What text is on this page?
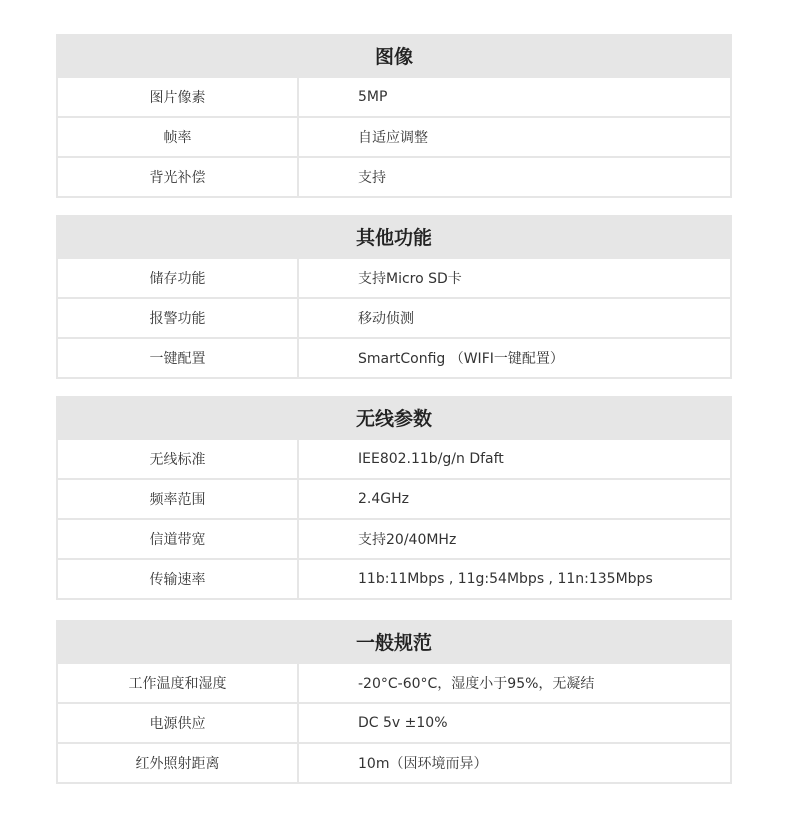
图像
图片像素	5MP
帧率	自适应调整
背光补偿	支持
其他功能
储存功能	支持Micro SD卡
报警功能	移动侦测
一键配置	SmartConfig （WIFI一键配置）
无线参数
无线标准	IEE802.11b/g/n Dfaft
频率范围	2.4GHz
信道带宽	支持20/40MHz
传输速率	11b:11Mbps , 11g:54Mbps , 11n:135Mbps
一般规范
工作温度和湿度	-20°C-60°C，湿度小于95%，无凝结
电源供应	DC 5v ±10%
红外照射距离	10m（因环境而异）
